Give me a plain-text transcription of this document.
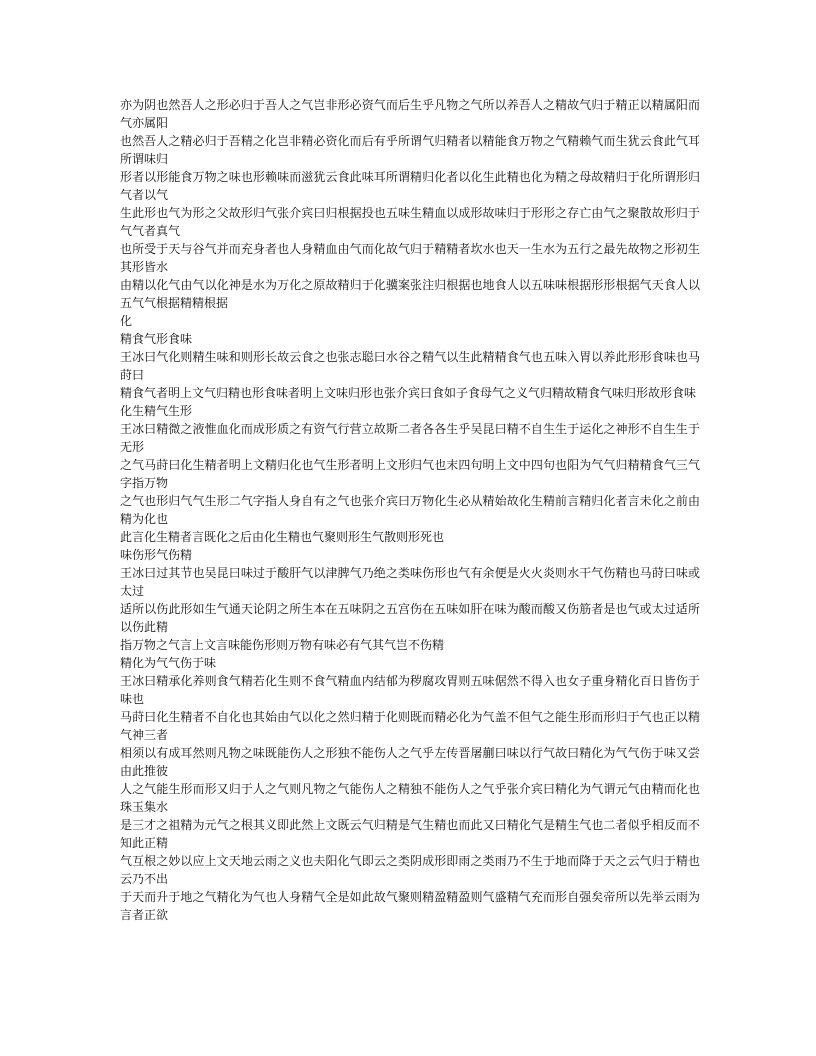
亦为阴也然吾人之形必归于吾人之气岂非形必资气而后生乎凡物之气所以养吾人之精故气归于精正以精属阳而气亦属阳

也然吾人之精必归于吾精之化岂非精必资化而后有乎所谓气归精者以精能食万物之气精赖气而生犹云食此气耳所谓味归

形者以形能食万物之味也形赖味而滋犹云食此味耳所谓精归化者以化生此精也化为精之母故精归于化所谓形归气者以气

生此形也气为形之父故形归气张介宾曰归根据投也五味生精血以成形故味归于形形之存亡由气之聚散故形归于气气者真气

也所受于天与谷气并而充身者也人身精血由气而化故气归于精精者坎水也天一生水为五行之最先故物之形初生其形皆水

由精以化气由气以化神是水为万化之原故精归于化骥案张注归根据也地食人以五味味根据形形根据气天食人以五气气根据精精根据

化

精食气形食味

王冰曰气化则精生味和则形长故云食之也张志聪曰水谷之精气以生此精精食气也五味入胃以养此形形食味也马莳曰

精食气者明上文气归精也形食味者明上文味归形也张介宾曰食如子食母气之义气归精故精食气味归形故形食味

化生精气生形

王冰曰精微之液惟血化而成形质之有资气行营立故斯二者各各生乎吴昆曰精不自生生于运化之神形不自生生于无形

之气马莳曰化生精者明上文精归化也气生形者明上文形归气也末四句明上文中四句也阳为气气归精精食气三气字指万物

之气也形归气气生形二气字指人身自有之气也张介宾曰万物化生必从精始故化生精前言精归化者言未化之前由精为化也

此言化生精者言既化之后由化生精也气聚则形生气散则形死也

味伤形气伤精

王冰曰过其节也吴昆曰味过于酸肝气以津脾气乃绝之类味伤形也气有余便是火火炎则水干气伤精也马莳曰味或太过

适所以伤此形如生气通天论阴之所生本在五味阴之五宫伤在五味如肝在味为酸而酸又伤筋者是也气或太过适所以伤此精

指万物之气言上文言味能伤形则万物有味必有气其气岂不伤精

精化为气气伤于味

王冰曰精承化养则食气精若化生则不食气精血内结郁为秽腐攻胃则五味倨然不得入也女子重身精化百日皆伤于味也

马莳曰化生精者不自化也其始由气以化之然归精于化则既而精必化为气盖不但气之能生形而形归于气也正以精气神三者

相须以有成耳然则凡物之味既能伤人之形独不能伤人之气乎左传晋屠蒯曰味以行气故曰精化为气气伤于味又尝由此推彼

人之气能生形而形又归于人之气则凡物之气能伤人之精独不能伤人之气乎张介宾曰精化为气谓元气由精而化也珠玉集水

是三才之祖精为元气之根其义即此然上文既云气归精是气生精也而此又曰精化气是精生气也二者似乎相反而不知此正精

气互根之妙以应上文天地云雨之义也夫阳化气即云之类阴成形即雨之类雨乃不生于地而降于天之云气归于精也云乃不出

于天而升于地之气精化为气也人身精气全是如此故气聚则精盈精盈则气盛精气充而形自强矣帝所以先举云雨为言者正欲
